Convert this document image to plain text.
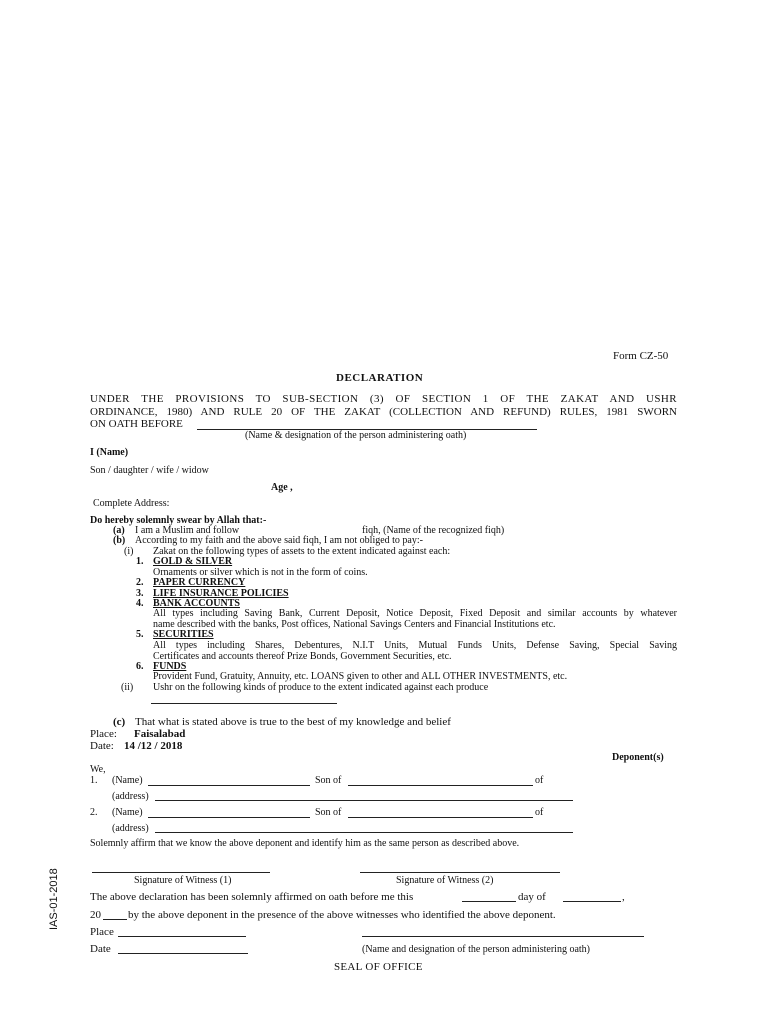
Form CZ-50
DECLARATION
UNDER THE PROVISIONS TO SUB-SECTION (3) OF SECTION 1 OF THE ZAKAT AND USHR
ORDINANCE, 1980) AND RULE 20 OF THE ZAKAT (COLLECTION AND REFUND) RULES, 1981 SWORN
ON OATH BEFORE
(Name & designation of the person administering oath)
I (Name)
Son / daughter / wife / widow
Age ,
Complete Address:
Do hereby solemnly swear by Allah that:-
(a) I am a Muslim and follow	fiqh, (Name of the recognized fiqh)
(b) According to my faith and the above said fiqh, I am not obliged to pay:-
(i) Zakat on the following types of assets to the extent indicated against each:
1. GOLD & SILVER
Ornaments or silver which is not in the form of coins.
2. PAPER CURRENCY
3. LIFE INSURANCE POLICIES
4. BANK ACCOUNTS
All types including Saving Bank, Current Deposit, Notice Deposit, Fixed Deposit and similar accounts by whatever
name described with the banks, Post offices, National Savings Centers and Financial Institutions etc.
5. SECURITIES
All types including Shares, Debentures, N.I.T Units, Mutual Funds Units, Defense Saving, Special Saving
Certificates and accounts thereof Prize Bonds, Government Securities, etc.
6. FUNDS
Provident Fund, Gratuity, Annuity, etc. LOANS given to other and ALL OTHER INVESTMENTS, etc.
(ii) Ushr on the following kinds of produce to the extent indicated against each produce
(c) That what is stated above is true to the best of my knowledge and belief
Place: Faisalabad
Date: 14 /12 / 2018
Deponent(s)
We,
1. (Name)	Son of	of
(address)
2. (Name)	Son of	of
(address)
Solemnly affirm that we know the above deponent and identify him as the same person as described above.
Signature of Witness (1)	Signature of Witness (2)
The above declaration has been solemnly affirmed on oath before me this	day of	,
20 by the above deponent in the presence of the above witnesses who identified the above deponent.
Place
Date	(Name and designation of the person administering oath)
SEAL OF OFFICE
IAS-01-2018
